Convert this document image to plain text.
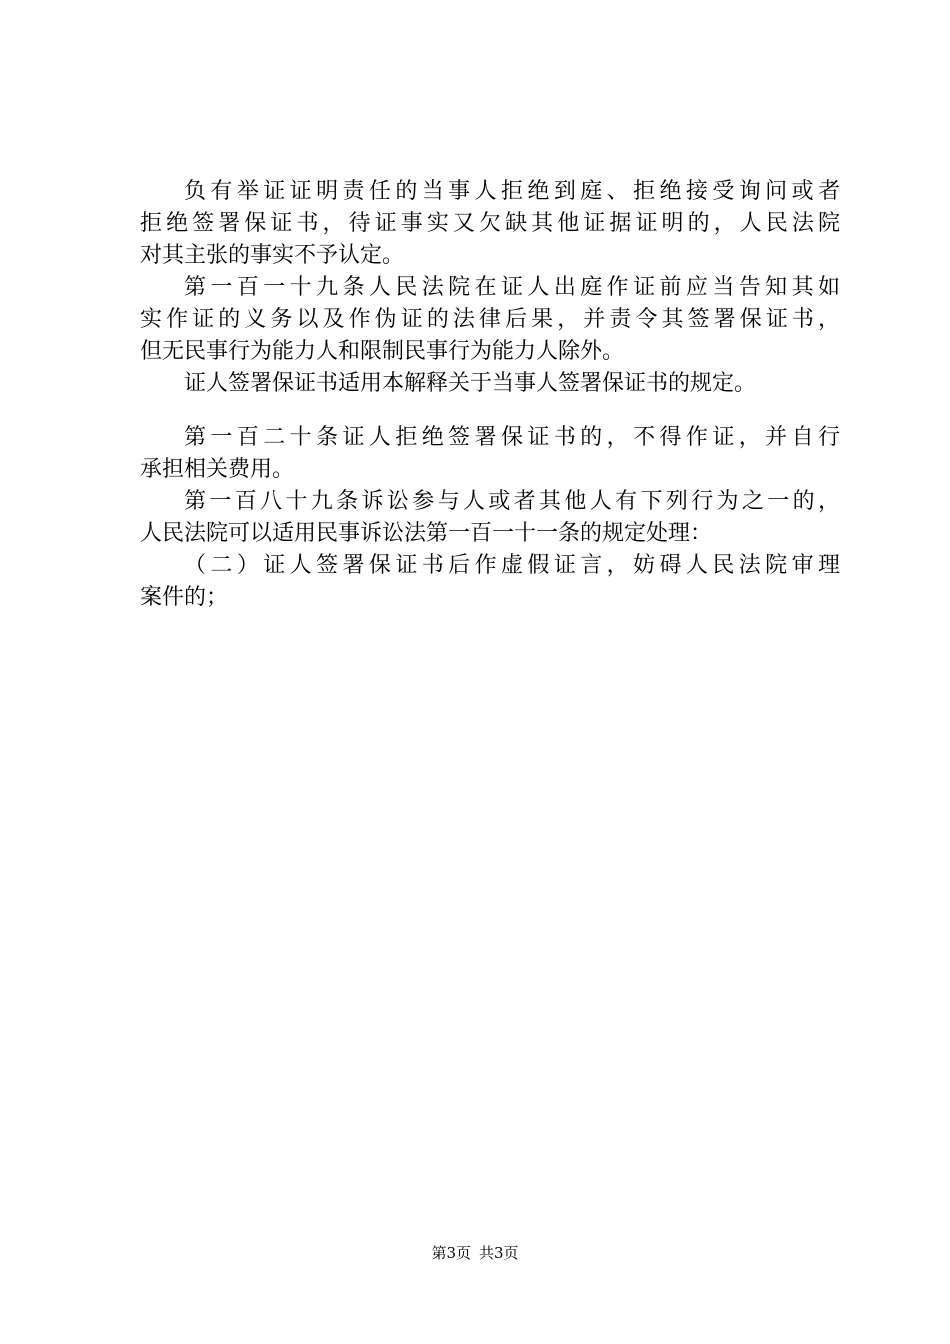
负有举证证明责任的当事人拒绝到庭、拒绝接受询问或者
拒绝签署保证书，待证事实又欠缺其他证据证明的，人民法院
对其主张的事实不予认定。
第一百一十九条人民法院在证人出庭作证前应当告知其如
实作证的义务以及作伪证的法律后果，并责令其签署保证书，
但无民事行为能力人和限制民事行为能力人除外。
证人签署保证书适用本解释关于当事人签署保证书的规定。
第一百二十条证人拒绝签署保证书的，不得作证，并自行
承担相关费用。
第一百八十九条诉讼参与人或者其他人有下列行为之一的，
人民法院可以适用民事诉讼法第一百一十一条的规定处理：
（二）证人签署保证书后作虚假证言，妨碍人民法院审理
案件的；
第3页 共3页
